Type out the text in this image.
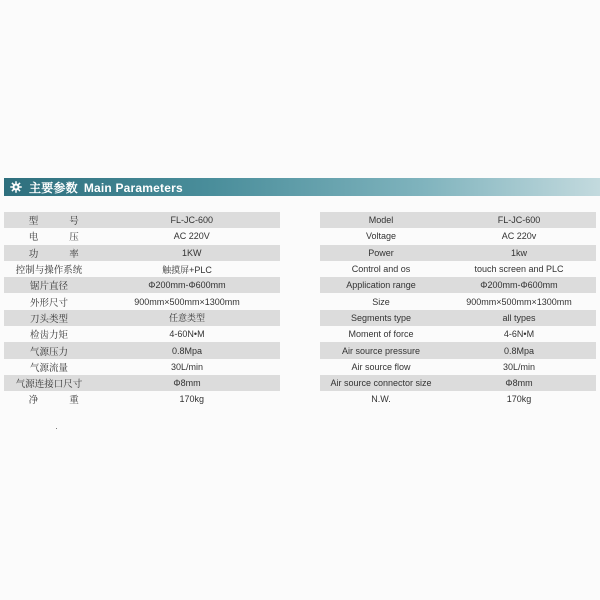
主要参数 Main Parameters
型 号	FL-JC-600
电 压	AC 220V
功 率	1KW
控制与操作系统	触摸屏+PLC
锯片直径	Φ200mm-Φ600mm
外形尺寸	900mm×500mm×1300mm
刀头类型	任意类型
检齿力矩	4-60N•M
气源压力	0.8Mpa
气源流量	30L/min
气源连接口尺寸	Φ8mm
净 重	170kg
Model	FL-JC-600
Voltage	AC 220v
Power	1kw
Control and os	touch screen and PLC
Application range	Φ200mm-Φ600mm
Size	900mm×500mm×1300mm
Segments type	all types
Moment of force	4-6N•M
Air source pressure	0.8Mpa
Air source flow	30L/min
Air source connector size	Φ8mm
N.W.	170kg
